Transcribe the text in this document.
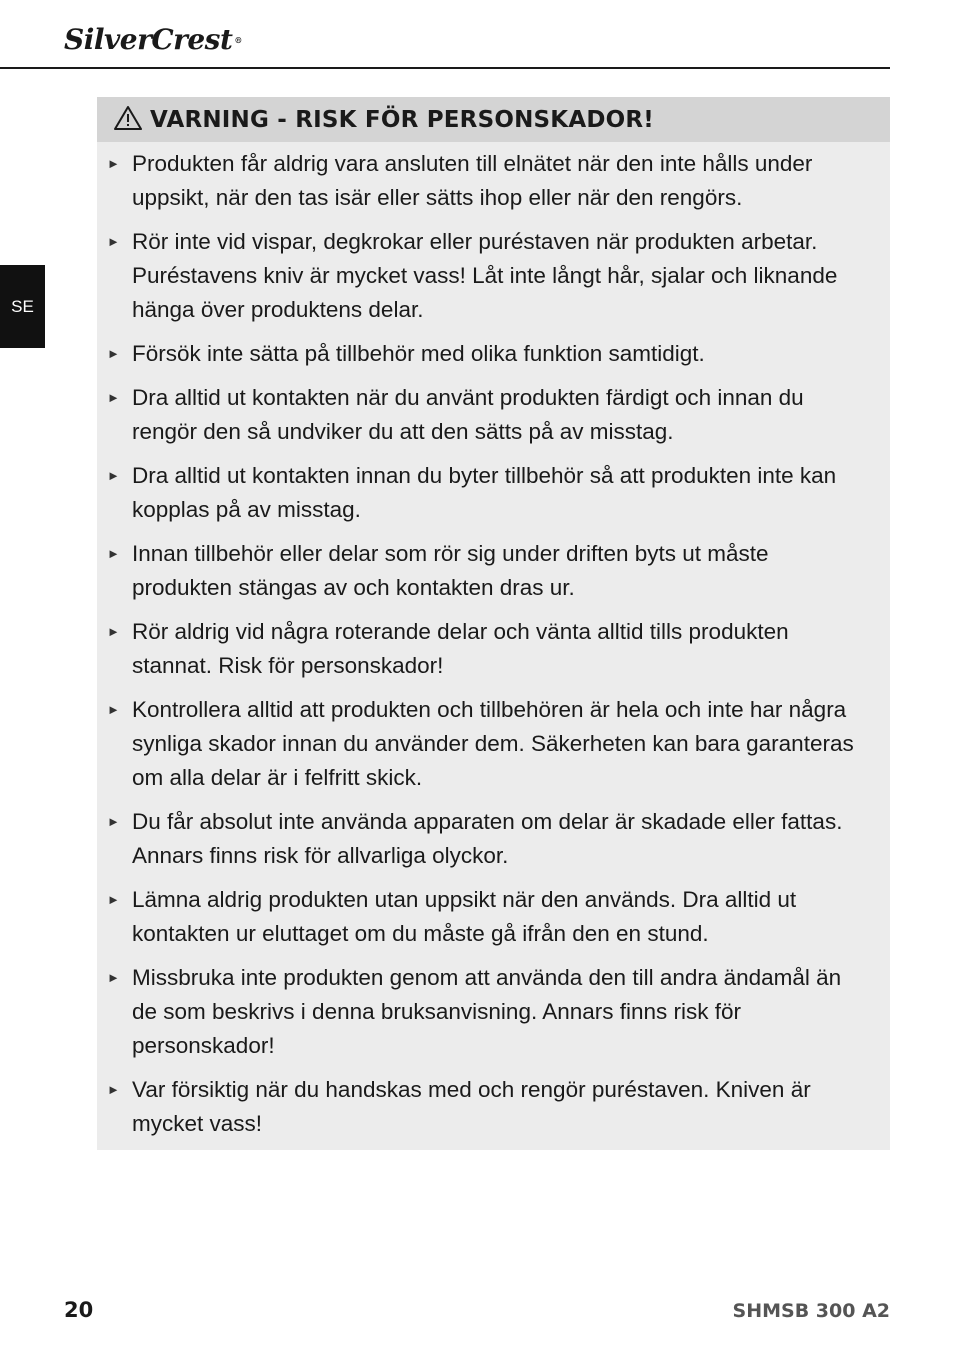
SilverCrest ®
SE
VARNING - RISK FÖR PERSONSKADOR!
► Produkten får aldrig vara ansluten till elnätet när den inte hålls under uppsikt, när den tas isär eller sätts ihop eller när den rengörs.
► Rör inte vid vispar, degkrokar eller puréstaven när produkten arbetar. Puréstavens kniv är mycket vass! Låt inte långt hår, sjalar och liknande hänga över produktens delar.
► Försök inte sätta på tillbehör med olika funktion samtidigt.
► Dra alltid ut kontakten när du använt produkten färdigt och innan du rengör den så undviker du att den sätts på av misstag.
► Dra alltid ut kontakten innan du byter tillbehör så att produkten inte kan kopplas på av misstag.
► Innan tillbehör eller delar som rör sig under driften byts ut måste produkten stängas av och kontakten dras ur.
► Rör aldrig vid några roterande delar och vänta alltid tills produkten stannat. Risk för personskador!
► Kontrollera alltid att produkten och tillbehören är hela och inte har några synliga skador innan du använder dem. Säkerheten kan bara garanteras om alla delar är i felfritt skick.
► Du får absolut inte använda apparaten om delar är skadade eller fattas. Annars finns risk för allvarliga olyckor.
► Lämna aldrig produkten utan uppsikt när den används. Dra alltid ut kontakten ur eluttaget om du måste gå ifrån den en stund.
► Missbruka inte produkten genom att använda den till andra ändamål än de som beskrivs i denna bruksanvisning. Annars finns risk för personskador!
► Var försiktig när du handskas med och rengör puréstaven. Kniven är mycket vass!
20	SHMSB 300 A2
